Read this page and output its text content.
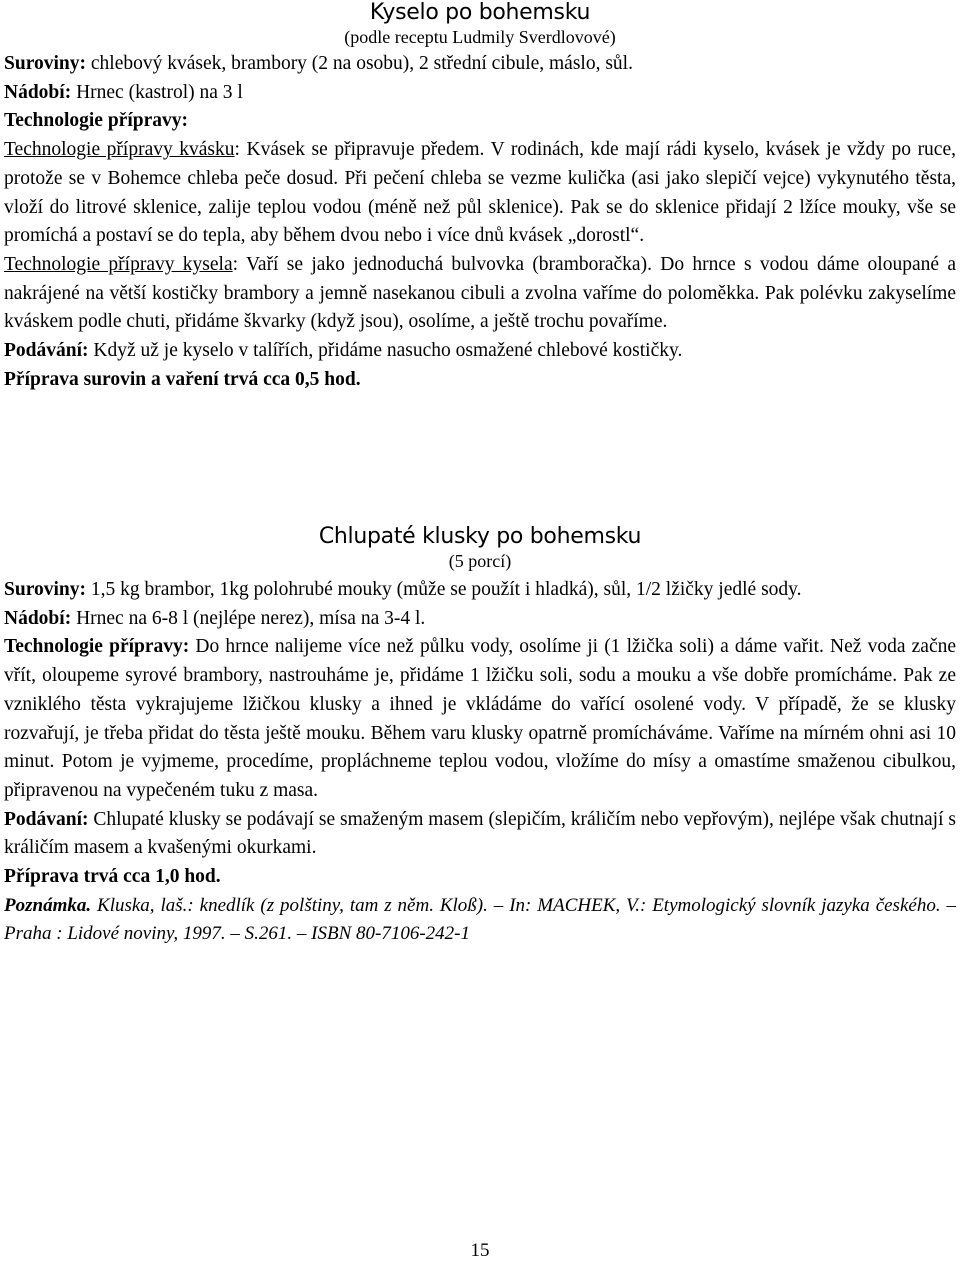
Kyselo po bohemsku
(podle receptu Ludmily Sverdlovové)

Suroviny: chlebový kvásek, brambory (2 na osobu), 2 střední cibule, máslo, sůl.

Nádobí: Hrnec (kastrol) na 3 l

Technologie přípravy:

Technologie přípravy kvásku: Kvásek se připravuje předem. V rodinách, kde mají rádi kyselo, kvásek je vždy po ruce, protože se v Bohemce chleba peče dosud. Při pečení chleba se vezme kulička (asi jako slepičí vejce) vykynutého těsta, vloží do litrové sklenice, zalije teplou vodou (méně než půl sklenice). Pak se do sklenice přidají 2 lžíce mouky, vše se promíchá a postaví se do tepla, aby během dvou nebo i více dnů kvásek „dorostl“.

Technologie přípravy kysela: Vaří se jako jednoduchá bulvovka (bramboračka). Do hrnce s vodou dáme oloupané a nakrájené na větší kostičky brambory a jemně nasekanou cibuli a zvolna vaříme do poloměkka. Pak polévku zakyselíme kváskem podle chuti, přidáme škvarky (když jsou), osolíme, a ještě trochu povaříme.

Podávání: Když už je kyselo v talířích, přidáme nasucho osmažené chlebové kostičky.

Příprava surovin a vaření trvá cca 0,5 hod.

Chlupaté klusky po bohemsku
(5 porcí)

Suroviny: 1,5 kg brambor, 1kg polohrubé mouky (může se použít i hladká), sůl, 1/2 lžičky jedlé sody.

Nádobí: Hrnec na 6-8 l (nejlépe nerez), mísa na 3-4 l.

Technologie přípravy: Do hrnce nalijeme více než půlku vody, osolíme ji (1 lžička soli) a dáme vařit. Než voda začne vřít, oloupeme syrové brambory, nastrouháme je, přidáme 1 lžičku soli, sodu a mouku a vše dobře promícháme. Pak ze vzniklého těsta vykrajujeme lžičkou klusky a ihned je vkládáme do vařící osolené vody. V případě, že se klusky rozvařují, je třeba přidat do těsta ještě mouku. Během varu klusky opatrně promícháváme. Vaříme na mírném ohni asi 10 minut. Potom je vyjmeme, procedíme, propláchneme teplou vodou, vložíme do mísy a omastíme smaženou cibulkou, připravenou na vypečeném tuku z masa.

Podávaní: Chlupaté klusky se podávají se smaženým masem (slepičím, králičím nebo vepřovým), nejlépe však chutnají s králičím masem a kvašenými okurkami.

Příprava trvá cca 1,0 hod.

Poznámka. Kluska, laš.: knedlík (z polštiny, tam z něm. Kloß). – In: MACHEK, V.: Etymologický slovník jazyka českého. – Praha : Lidové noviny, 1997. – S.261. – ISBN 80-7106-242-1

15
